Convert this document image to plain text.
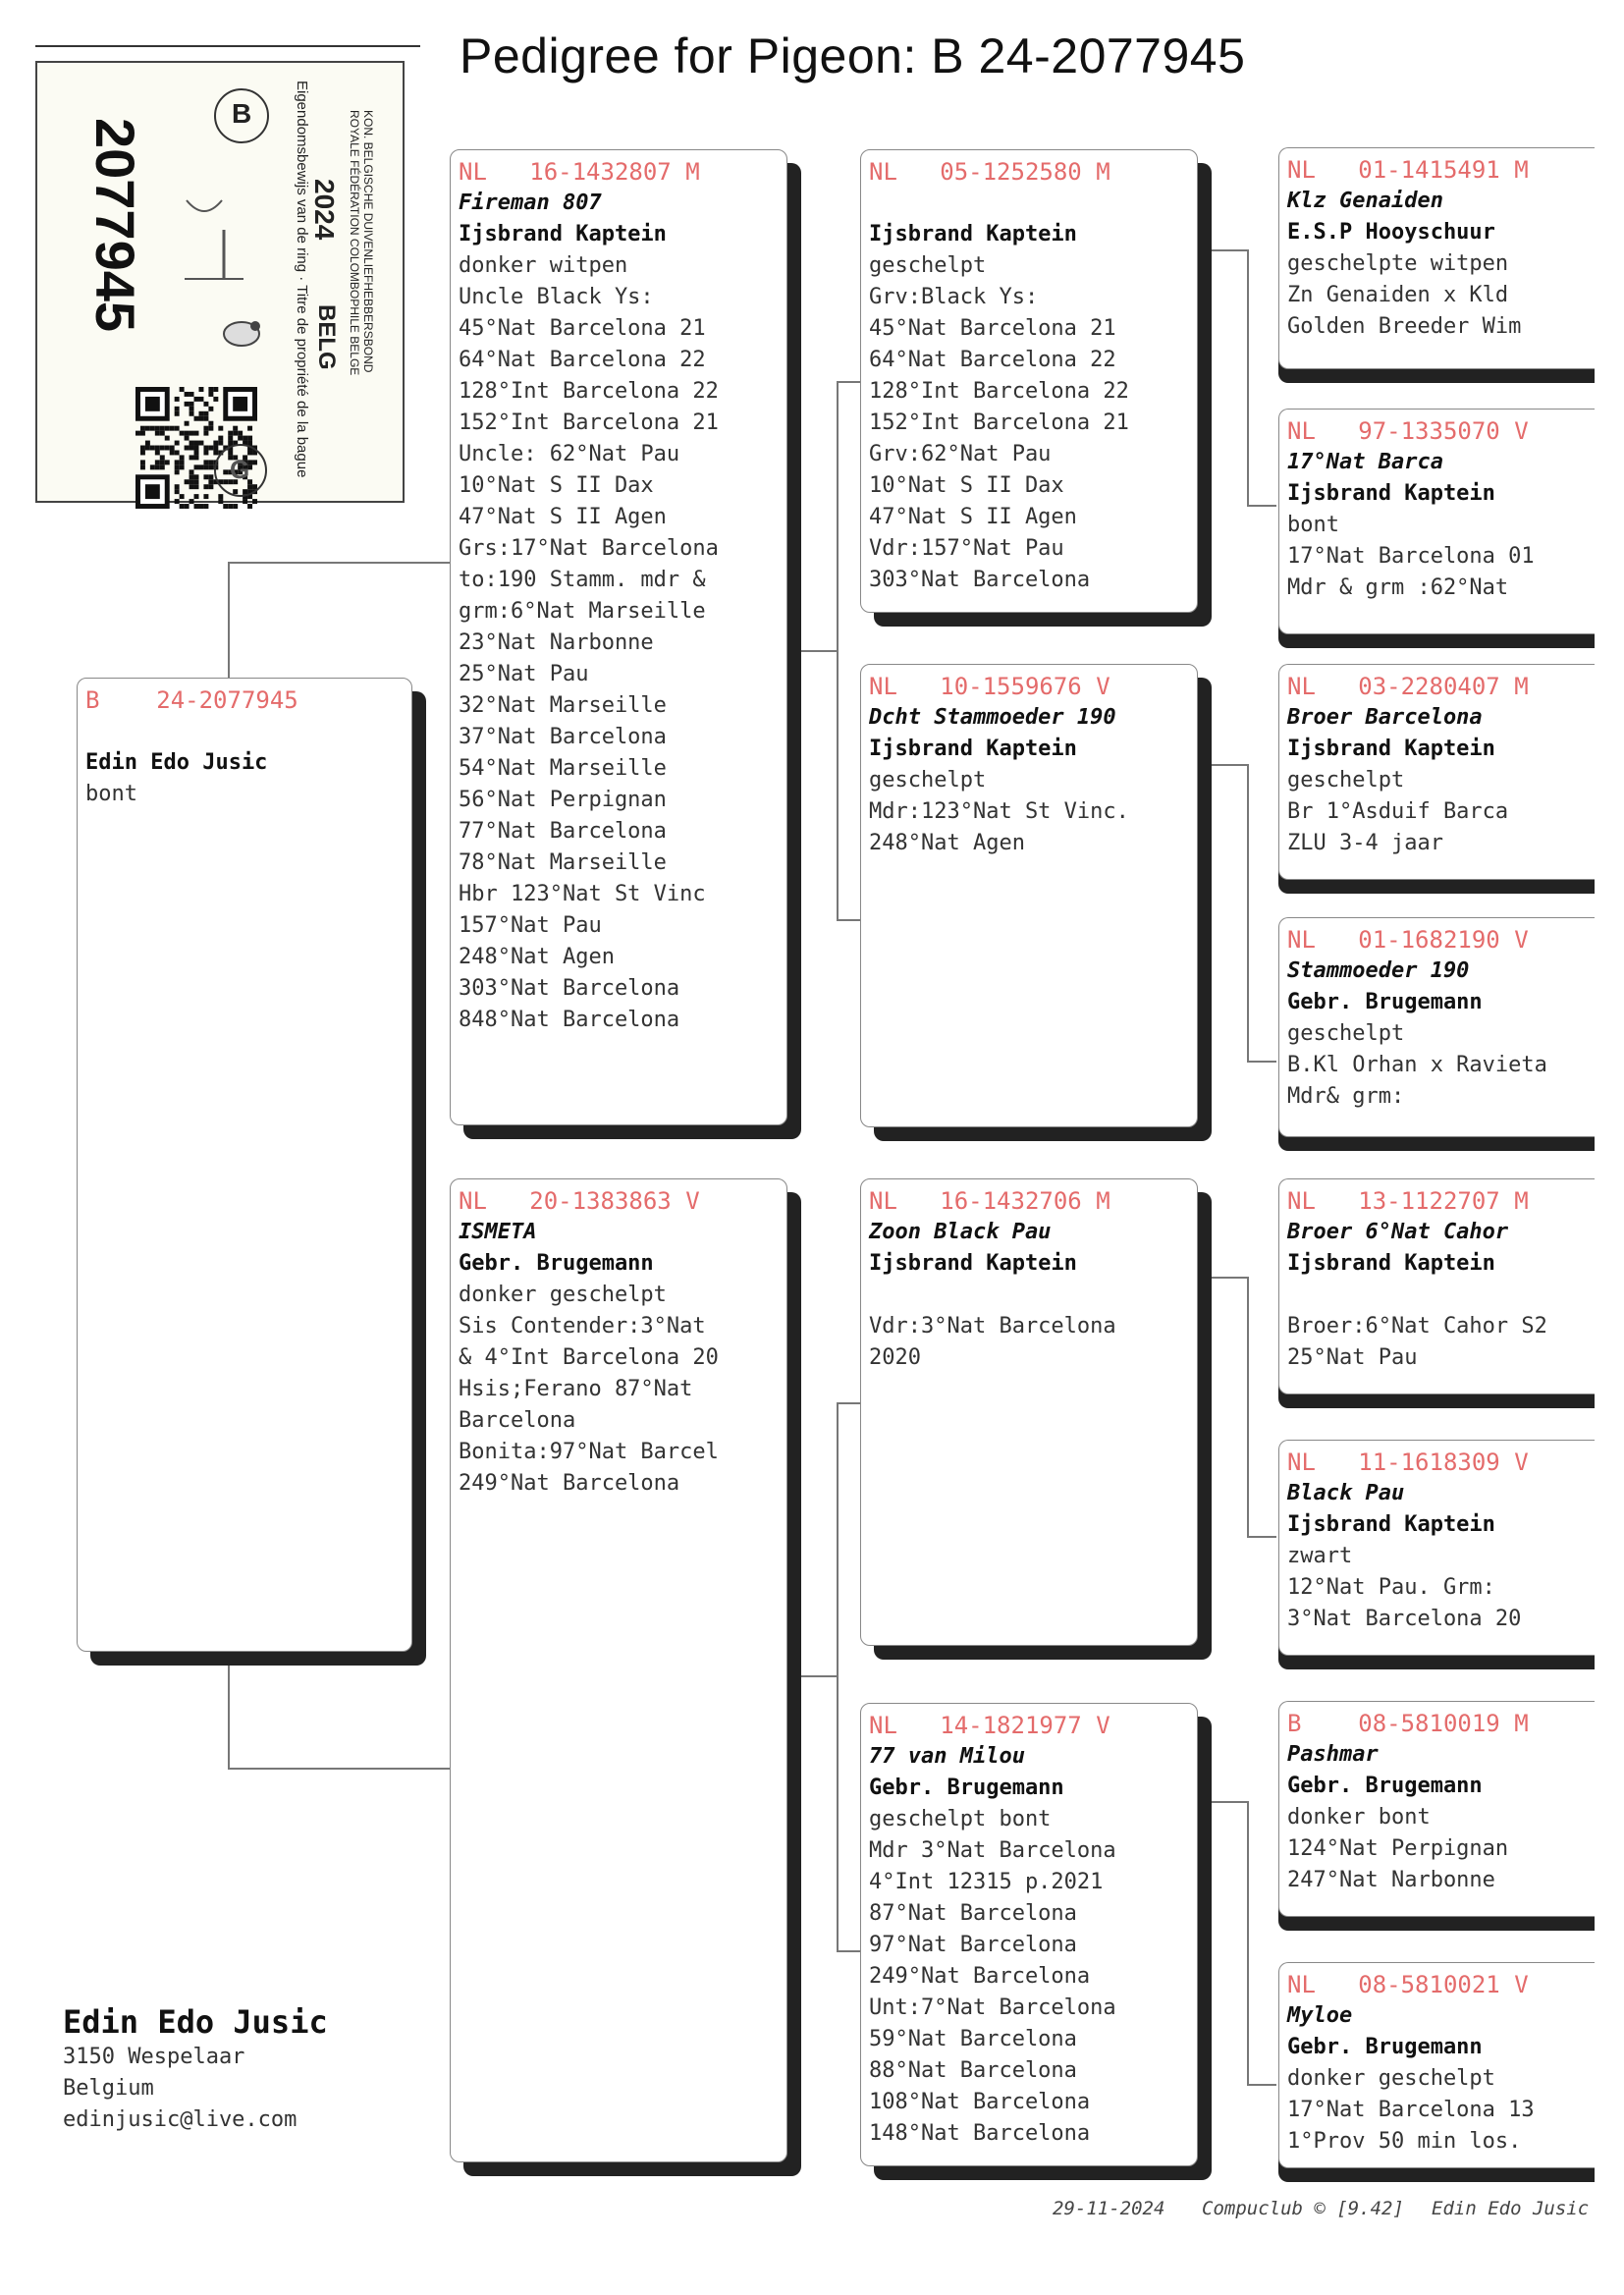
Pedigree for Pigeon: B 24-2077945
B
G
2077945	KON. BELGISCHE DUIVENLIEFHEBBERSBOND
ROYALE FÉDÉRATION COLOMBOPHILE BELGE
2024
BELG
Eigendomsbewijs van de ring · Titre de propriété de la bague
B    24-2077945
Edin Edo Jusic
bont
NL   16-1432807 M
Fireman 807
Ijsbrand Kaptein
donker witpen
Uncle Black Ys:
45°Nat Barcelona 21
64°Nat Barcelona 22
128°Int Barcelona 22
152°Int Barcelona 21
Uncle: 62°Nat Pau
10°Nat S II Dax
47°Nat S II Agen
Grs:17°Nat Barcelona
to:190 Stamm. mdr &
grm:6°Nat Marseille
23°Nat Narbonne
25°Nat Pau
32°Nat Marseille
37°Nat Barcelona
54°Nat Marseille
56°Nat Perpignan
77°Nat Barcelona
78°Nat Marseille
Hbr 123°Nat St Vinc
157°Nat Pau
248°Nat Agen
303°Nat Barcelona
848°Nat Barcelona
NL   20-1383863 V
ISMETA
Gebr. Brugemann
donker geschelpt
Sis Contender:3°Nat
& 4°Int Barcelona 20
Hsis;Ferano 87°Nat
Barcelona
Bonita:97°Nat Barcel
249°Nat Barcelona
NL   05-1252580 M

Ijsbrand Kaptein
geschelpt
Grv:Black Ys:
45°Nat Barcelona 21
64°Nat Barcelona 22
128°Int Barcelona 22
152°Int Barcelona 21
Grv:62°Nat Pau
10°Nat S II Dax
47°Nat S II Agen
Vdr:157°Nat Pau
303°Nat Barcelona
NL   10-1559676 V
Dcht Stammoeder 190
Ijsbrand Kaptein
geschelpt
Mdr:123°Nat St Vinc.
248°Nat Agen
NL   16-1432706 M
Zoon Black Pau
Ijsbrand Kaptein

Vdr:3°Nat Barcelona
2020
NL   14-1821977 V
77 van Milou
Gebr. Brugemann
geschelpt bont
Mdr 3°Nat Barcelona
4°Int 12315 p.2021
87°Nat Barcelona
97°Nat Barcelona
249°Nat Barcelona
Unt:7°Nat Barcelona
59°Nat Barcelona
88°Nat Barcelona
108°Nat Barcelona
148°Nat Barcelona
NL   01-1415491 M
Klz Genaiden
E.S.P Hooyschuur
geschelpte witpen
Zn Genaiden x Kld
Golden Breeder Wim
NL   97-1335070 V
17°Nat Barca
Ijsbrand Kaptein
bont
17°Nat Barcelona 01
Mdr & grm :62°Nat
NL   03-2280407 M
Broer Barcelona
Ijsbrand Kaptein
geschelpt
Br 1°Asduif Barca
ZLU 3-4 jaar
NL   01-1682190 V
Stammoeder 190
Gebr. Brugemann
geschelpt
B.Kl Orhan x Ravieta
Mdr& grm:
NL   13-1122707 M
Broer 6°Nat Cahor
Ijsbrand Kaptein

Broer:6°Nat Cahor S2
25°Nat Pau
NL   11-1618309 V
Black Pau
Ijsbrand Kaptein
zwart
12°Nat Pau. Grm:
3°Nat Barcelona 20
B    08-5810019 M
Pashmar
Gebr. Brugemann
donker bont
124°Nat Perpignan
247°Nat Narbonne
NL   08-5810021 V
Myloe
Gebr. Brugemann
donker geschelpt
17°Nat Barcelona 13
1°Prov 50 min los.
Edin Edo Jusic
3150 Wespelaar
Belgium
edinjusic@live.com
29-11-2024 Compuclub © [9.42] Edin Edo Jusic
